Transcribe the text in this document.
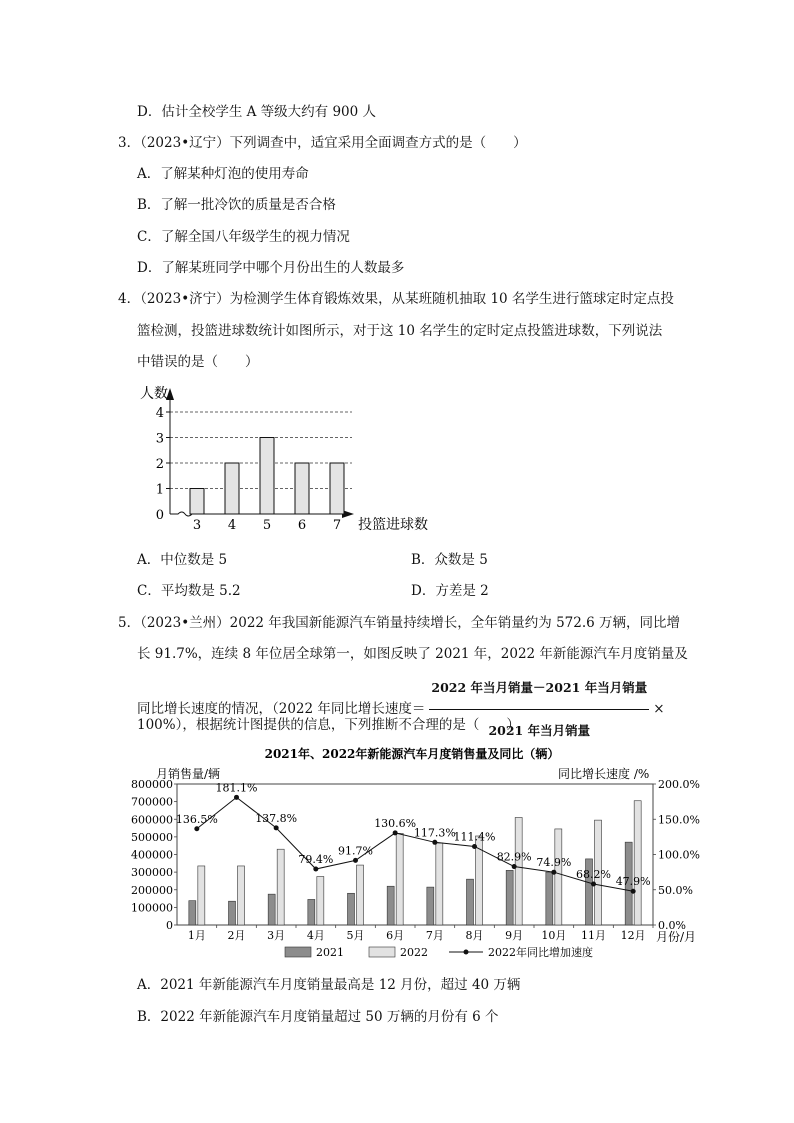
D．估计全校学生 A 等级大约有 900 人
3．（2023•辽宁）下列调查中，适宜采用全面调查方式的是（　　）
A．了解某种灯泡的使用寿命
B．了解一批冷饮的质量是否合格
C．了解全国八年级学生的视力情况
D．了解某班同学中哪个月份出生的人数最多
4．（2023•济宁）为检测学生体育锻炼效果，从某班随机抽取 10 名学生进行篮球定时定点投
篮检测，投篮进球数统计如图所示，对于这 10 名学生的定时定点投篮进球数，下列说法
中错误的是（　　）
人数
投篮进球数
0
1
2
3
4
3 4 5 6 7
A．中位数是 5	B．众数是 5
C．平均数是 5.2	D．方差是 2
5．（2023•兰州）2022 年我国新能源汽车销量持续增长，全年销量约为 572.6 万辆，同比增
长 91.7%，连续 8 年位居全球第一，如图反映了 2021 年，2022 年新能源汽车月度销量及
同比增长速度的情况，（2022 年同比增长速度＝ $\frac{\text{2022 年当月销量－2021 年当月销量}}{\text{2021 年当月销量}}$ ×
100%），根据统计图提供的信息，下列推断不合理的是（　　）
2021年、2022年新能源汽车月度销售量及同比（辆）
月销售量/辆	同比增长速度 /%
0
100000
200000
300000
400000
500000
600000
700000
800000
0.0%
50.0%
100.0%
150.0%
200.0%
136.5%
181.1%
137.8%
79.4%
91.7%
130.6%
117.3%
111.4%
82.9% 74.9%
68.2%
47.9%
1月 2月 3月 4月 5月 6月 7月 8月 9月 10月 11月 12月 月份/月
2021	2022	2022年同比增加速度
A．2021 年新能源汽车月度销量最高是 12 月份，超过 40 万辆
B．2022 年新能源汽车月度销量超过 50 万辆的月份有 6 个
